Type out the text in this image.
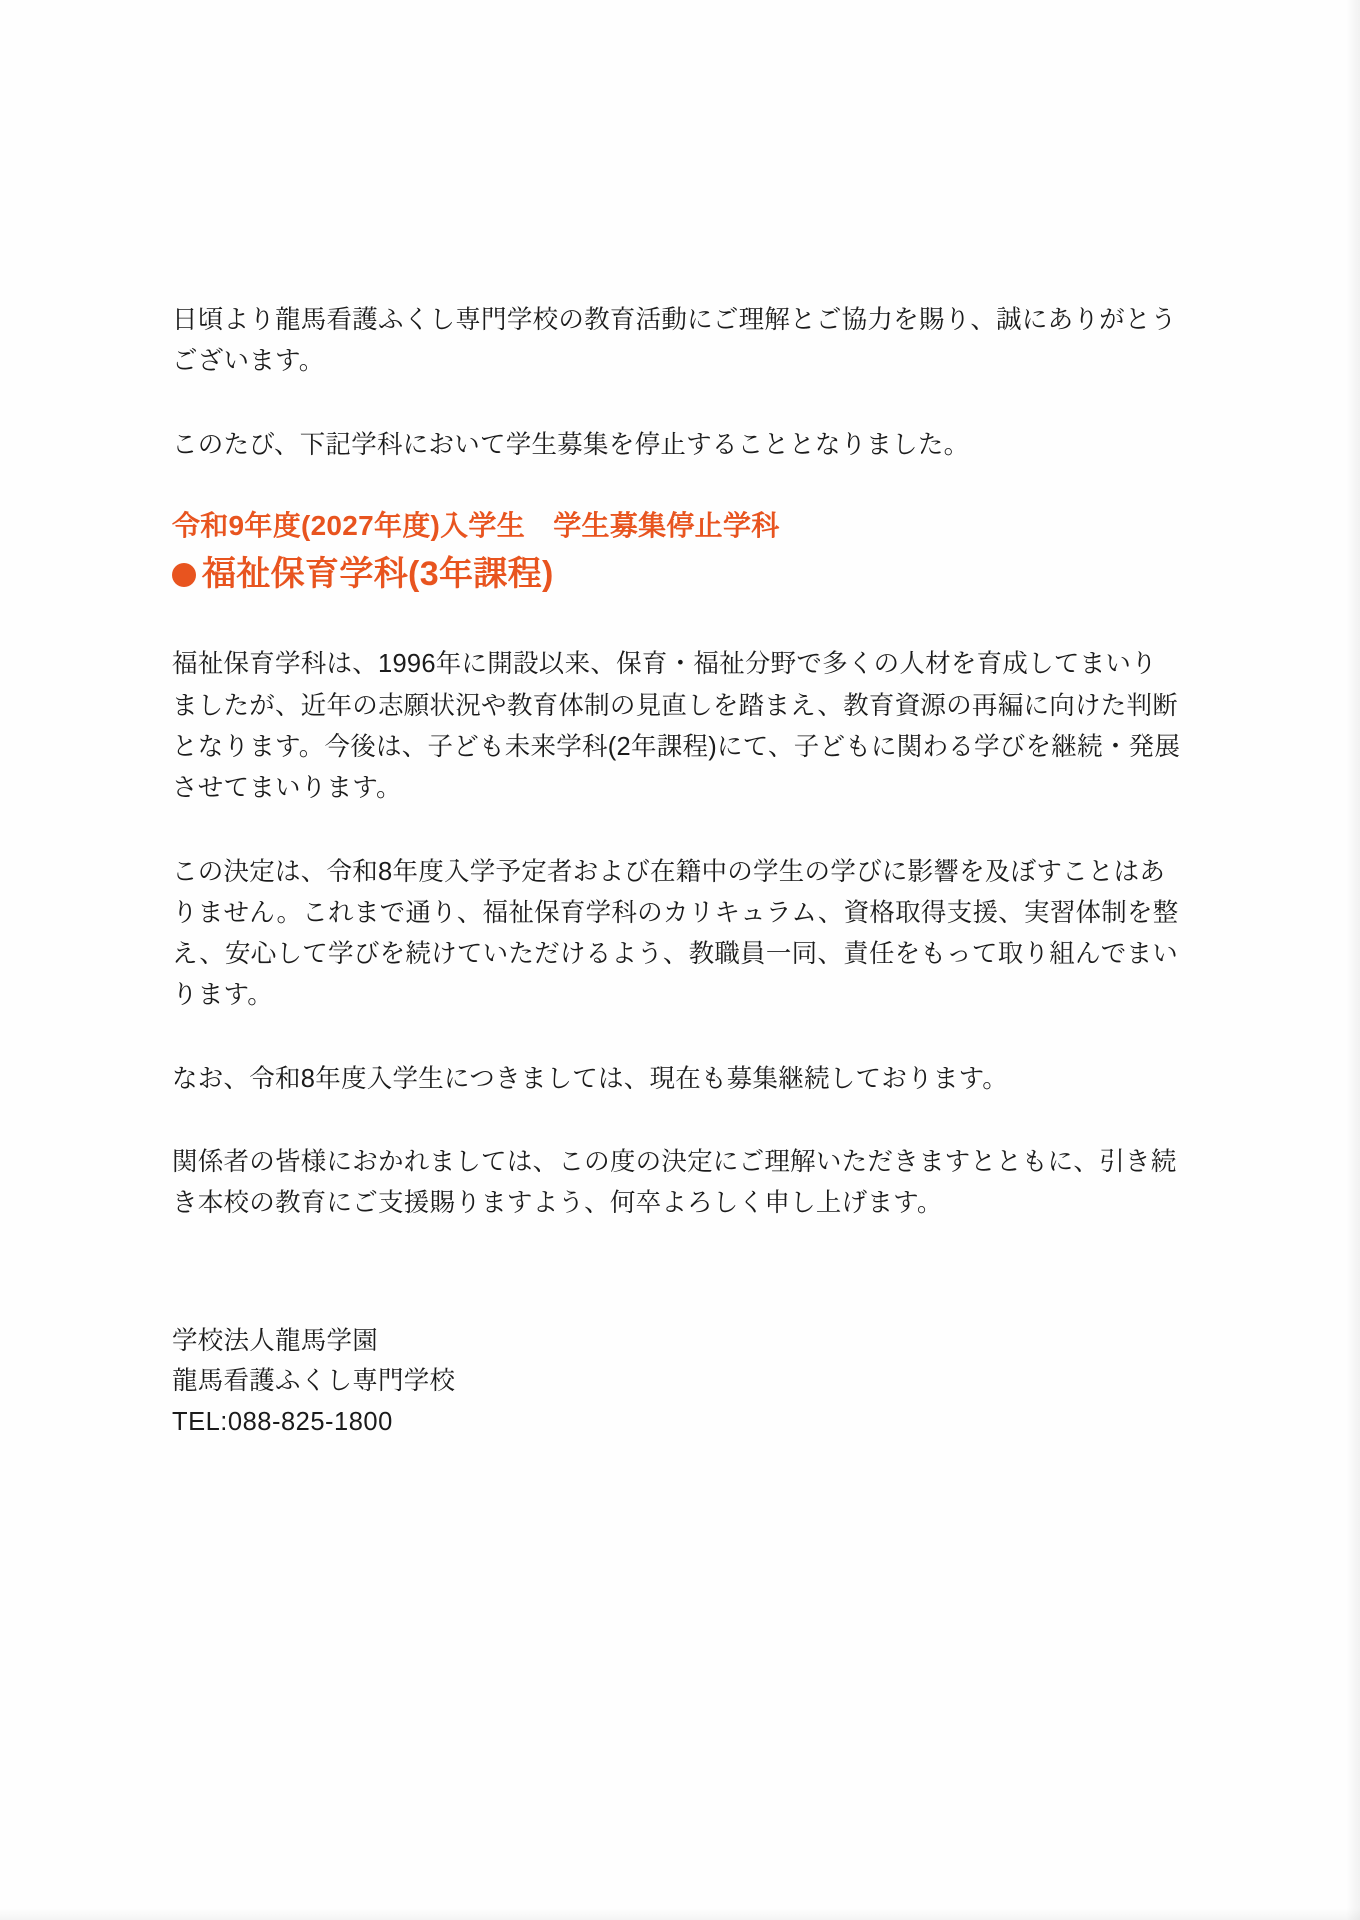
日頃より龍馬看護ふくし専門学校の教育活動にご理解とご協力を賜り、誠にありがとうございます。

このたび、下記学科において学生募集を停止することとなりました。

令和9年度(2027年度)入学生　学生募集停止学科
福祉保育学科(3年課程)

福祉保育学科は、1996年に開設以来、保育・福祉分野で多くの人材を育成してまいりましたが、近年の志願状況や教育体制の見直しを踏まえ、教育資源の再編に向けた判断となります。今後は、子ども未来学科(2年課程)にて、子どもに関わる学びを継続・発展させてまいります。

この決定は、令和8年度入学予定者および在籍中の学生の学びに影響を及ぼすことはありません。これまで通り、福祉保育学科のカリキュラム、資格取得支援、実習体制を整え、安心して学びを続けていただけるよう、教職員一同、責任をもって取り組んでまいります。

なお、令和8年度入学生につきましては、現在も募集継続しております。

関係者の皆様におかれましては、この度の決定にご理解いただきますとともに、引き続き本校の教育にご支援賜りますよう、何卒よろしく申し上げます。

学校法人龍馬学園

龍馬看護ふくし専門学校

TEL:088-825-1800
